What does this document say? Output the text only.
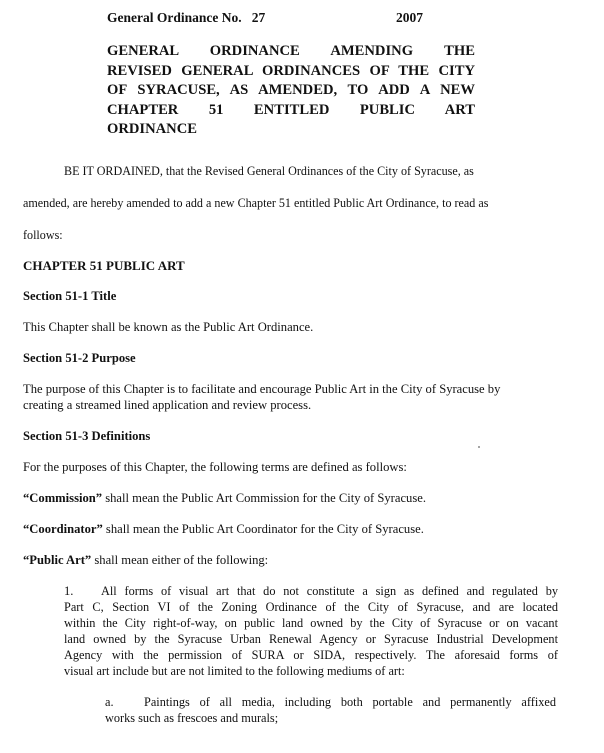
General Ordinance No. 27	2007
GENERAL ORDINANCE AMENDING THE
REVISED GENERAL ORDINANCES OF THE CITY
OF SYRACUSE, AS AMENDED, TO ADD A NEW
CHAPTER 51 ENTITLED PUBLIC ART
ORDINANCE
BE IT ORDAINED, that the Revised General Ordinances of the City of Syracuse, as
amended, are hereby amended to add a new Chapter 51 entitled Public Art Ordinance, to read as
follows:
CHAPTER 51 PUBLIC ART
Section 51-1 Title
This Chapter shall be known as the Public Art Ordinance.
Section 51-2 Purpose
The purpose of this Chapter is to facilitate and encourage Public Art in the City of Syracuse by
creating a streamed lined application and review process.
Section 51-3 Definitions
For the purposes of this Chapter, the following terms are defined as follows:
“Commission” shall mean the Public Art Commission for the City of Syracuse.
“Coordinator” shall mean the Public Art Coordinator for the City of Syracuse.
“Public Art” shall mean either of the following:
1. All forms of visual art that do not constitute a sign as defined and regulated by
Part C, Section VI of the Zoning Ordinance of the City of Syracuse, and are located
within the City right-of-way, on public land owned by the City of Syracuse or on vacant
land owned by the Syracuse Urban Renewal Agency or Syracuse Industrial Development
Agency with the permission of SURA or SIDA, respectively. The aforesaid forms of
visual art include but are not limited to the following mediums of art:
a. Paintings of all media, including both portable and permanently affixed
works such as frescoes and murals;
